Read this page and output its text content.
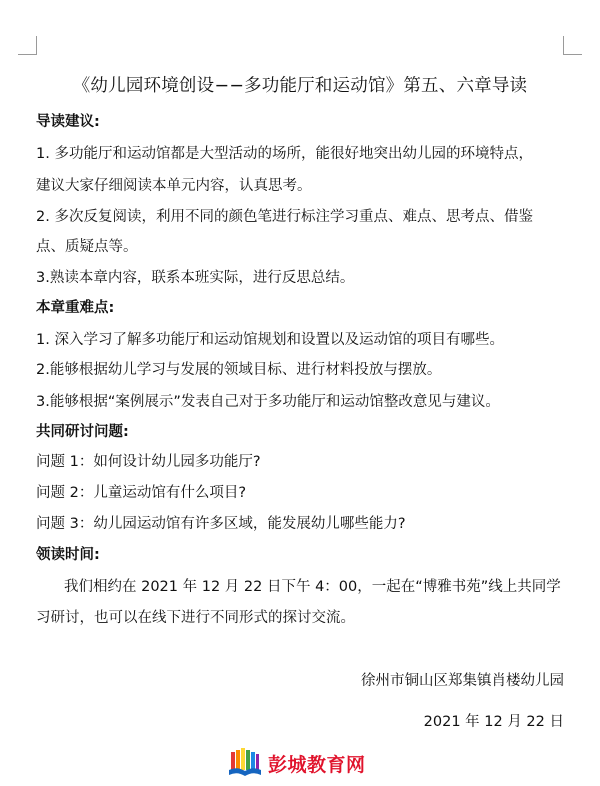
《幼儿园环境创设−−多功能厅和运动馆》第五、六章导读
导读建议:
1. 多功能厅和运动馆都是大型活动的场所，能很好地突出幼儿园的环境特点，
建议大家仔细阅读本单元内容，认真思考。
2. 多次反复阅读，利用不同的颜色笔进行标注学习重点、难点、思考点、借鉴
点、质疑点等。
3.熟读本章内容，联系本班实际，进行反思总结。
本章重难点:
1. 深入学习了解多功能厅和运动馆规划和设置以及运动馆的项目有哪些。
2.能够根据幼儿学习与发展的领域目标、进行材料投放与摆放。
3.能够根据“案例展示”发表自己对于多功能厅和运动馆整改意见与建议。
共同研讨问题:
问题 1：如何设计幼儿园多功能厅?
问题 2：儿童运动馆有什么项目?
问题 3：幼儿园运动馆有许多区域，能发展幼儿哪些能力?
领读时间:
我们相约在 2021 年 12 月 22 日下午 4：00，一起在“博雅书苑”线上共同学
习研讨，也可以在线下进行不同形式的探讨交流。
徐州市铜山区郑集镇肖楼幼儿园
2021 年 12 月 22 日
彭城教育网
